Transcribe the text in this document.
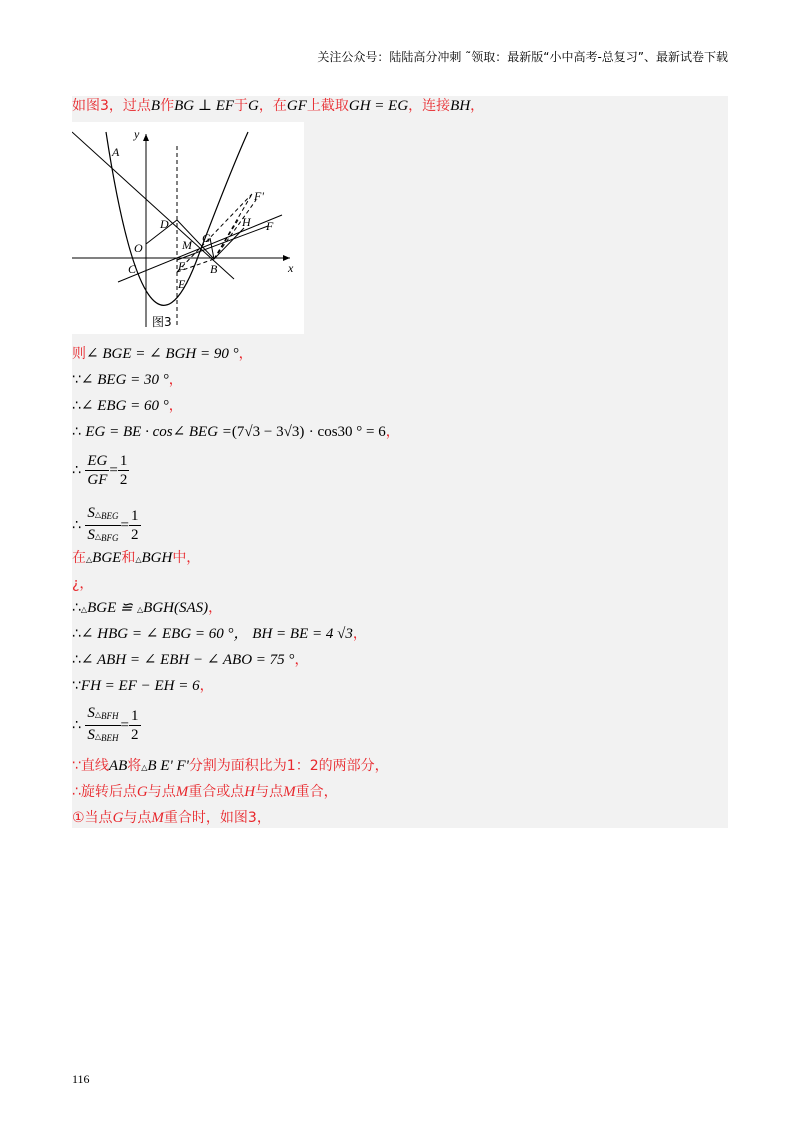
关注公众号：陆陆高分冲刺 ˜领取：最新版“小中高考-总复习”、最新试卷下载
如图3，过点B作BG ⊥ EF于G，在GF上截取GH = EG，连接BH，
y
x
A
D
O
C
M G
E
E'
B
H F
F'
图3
则∠ BGE = ∠ BGH = 90 °，
∵∠ BEG = 30 °，
∴∠ EBG = 60 °，
∴ EG = BE · cos∠ BEG =(7√3 − 3√3) · cos30 ° = 6，
∴ $\frac{EG}{GF} = \frac{1}{2}$
∴ $\frac{S\triangle_{BEG}}{S\triangle_{BFG}} = \frac{1}{2}$
在△BGE和△BGH中，
¿，
∴△BGE ≌ △BGH(SAS)，
∴∠ HBG = ∠ EBG = 60 °， BH = BE = 4 √3，
∴∠ ABH = ∠ EBH − ∠ ABO = 75 °，
∵FH = EF − EH = 6，
∴ $\frac{S\triangle_{BFH}}{S\triangle_{BEH}} = \frac{1}{2}$
∵直线AB将△B E' F'分割为面积比为1：2的两部分，
∴旋转后点G与点M重合或点H与点M重合，
①当点G与点M重合时，如图3，
116
